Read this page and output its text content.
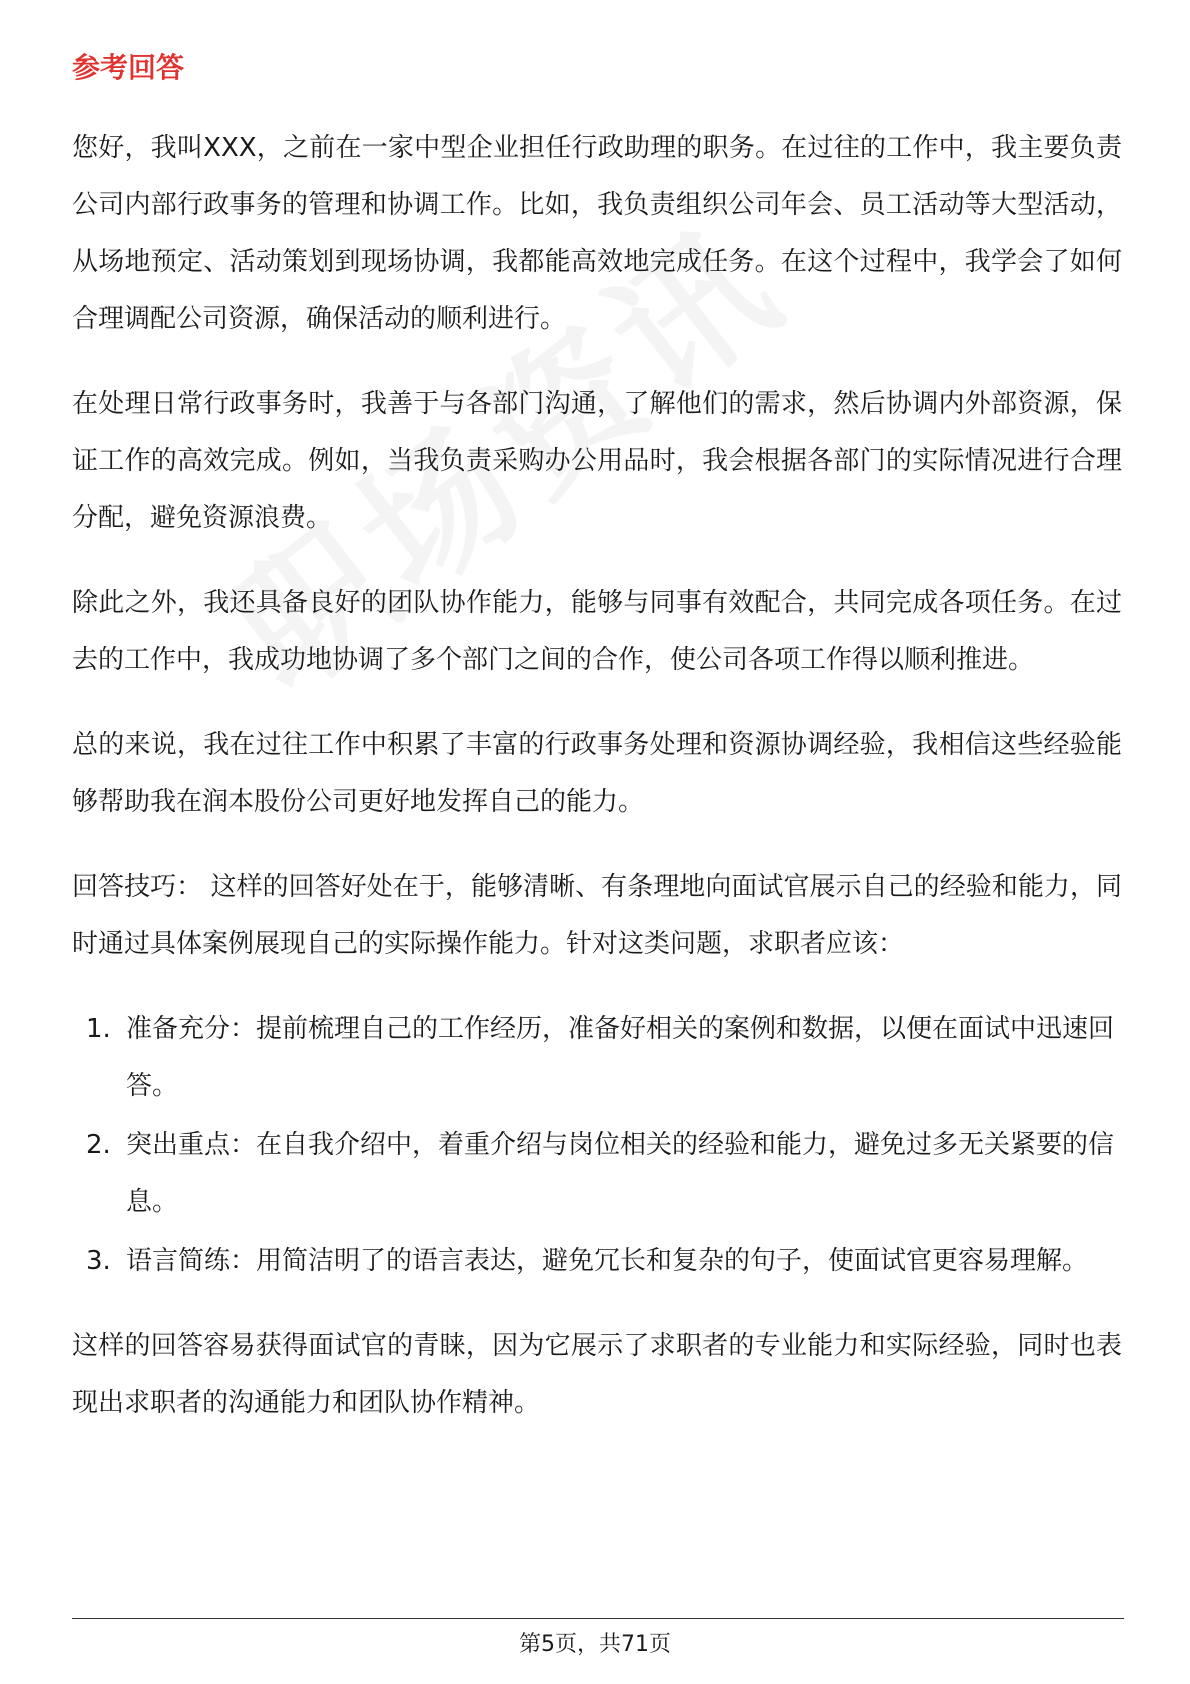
参考回答

您好，我叫XXX，之前在一家中型企业担任行政助理的职务。在过往的工作中，我主要负责公司内部行政事务的管理和协调工作。比如，我负责组织公司年会、员工活动等大型活动，从场地预定、活动策划到现场协调，我都能高效地完成任务。在这个过程中，我学会了如何合理调配公司资源，确保活动的顺利进行。

在处理日常行政事务时，我善于与各部门沟通，了解他们的需求，然后协调内外部资源，保证工作的高效完成。例如，当我负责采购办公用品时，我会根据各部门的实际情况进行合理分配，避免资源浪费。

除此之外，我还具备良好的团队协作能力，能够与同事有效配合，共同完成各项任务。在过去的工作中，我成功地协调了多个部门之间的合作，使公司各项工作得以顺利推进。

总的来说，我在过往工作中积累了丰富的行政事务处理和资源协调经验，我相信这些经验能够帮助我在润本股份公司更好地发挥自己的能力。

回答技巧： 这样的回答好处在于，能够清晰、有条理地向面试官展示自己的经验和能力，同时通过具体案例展现自己的实际操作能力。针对这类问题，求职者应该：

1. 准备充分：提前梳理自己的工作经历，准备好相关的案例和数据，以便在面试中迅速回答。
2. 突出重点：在自我介绍中，着重介绍与岗位相关的经验和能力，避免过多无关紧要的信息。
3. 语言简练：用简洁明了的语言表达，避免冗长和复杂的句子，使面试官更容易理解。

这样的回答容易获得面试官的青睐，因为它展示了求职者的专业能力和实际经验，同时也表现出求职者的沟通能力和团队协作精神。

第5页，共71页
